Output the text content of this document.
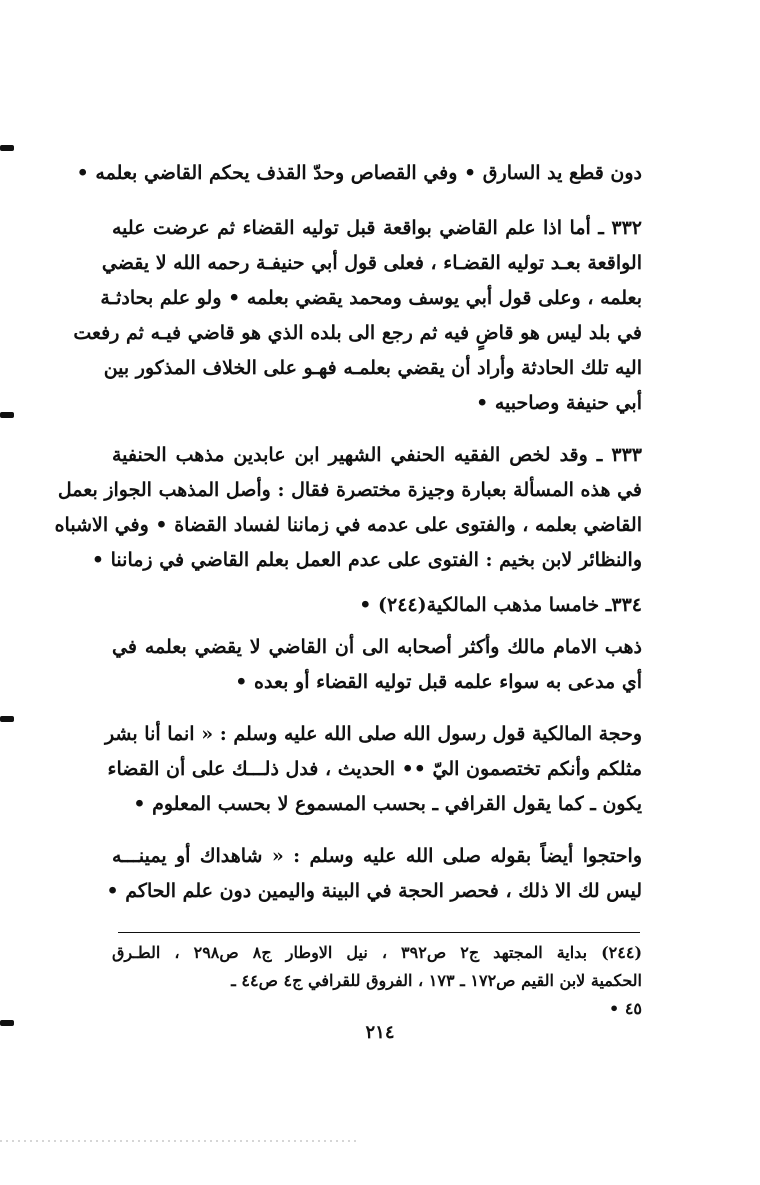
دون قطع يد السارق • وفي القصاص وحدّ القذف يحكم القاضي بعلمه •
٣٣٢ ـ أما اذا علم القاضي بواقعة قبل توليه القضاء ثم عرضت عليه
الواقعة بعـد توليه القضـاء ، فعلى قول أبي حنيفـة رحمه الله لا يقضي
بعلمه ، وعلى قول أبي يوسف ومحمد يقضي بعلمه • ولو علم بحادثـة
في بلد ليس هو قاضٍ فيه ثم رجع الى بلده الذي هو قاضي فيـه ثم رفعت
اليه تلك الحادثة وأراد أن يقضي بعلمـه فهـو على الخلاف المذكور بين
أبي حنيفة وصاحبيه •
٣٣٣ ـ وقد لخص الفقيه الحنفي الشهير ابن عابدين مذهب الحنفية
في هذه المسألة بعبارة وجيزة مختصرة فقال : وأصل المذهب الجواز بعمل
القاضي بعلمه ، والفتوى على عدمه في زماننا لفساد القضاة • وفي الاشباه
والنظائر لابن بخيم : الفتوى على عدم العمل بعلم القاضي في زماننا •
٣٣٤ـ خامسا مذهب المالكية(٢٤٤) •
ذهب الامام مالك وأكثر أصحابه الى أن القاضي لا يقضي بعلمه في
أي مدعى به سواء علمه قبل توليه القضاء أو بعده •
وحجة المالكية قول رسول الله صلى الله عليه وسلم : « انما أنا بشر
مثلكم وأنكم تختصمون اليّ •• الحديث ، فدل ذلـــك على أن القضاء
يكون ـ كما يقول القرافي ـ بحسب المسموع لا بحسب المعلوم •
واحتجوا أيضاً بقوله صلى الله عليه وسلم : « شاهداك أو يمينـــه
ليس لك الا ذلك ، فحصر الحجة في البينة واليمين دون علم الحاكم •
(٢٤٤) بداية المجتهد ج٢ ص٣٩٢ ، نيل الاوطار ج٨ ص٢٩٨ ، الطـرق
الحكمية لابن القيم ص١٧٢ ـ ١٧٣ ، الفروق للقرافي ج٤ ص٤٤ ـ
٤٥ •
٢١٤
